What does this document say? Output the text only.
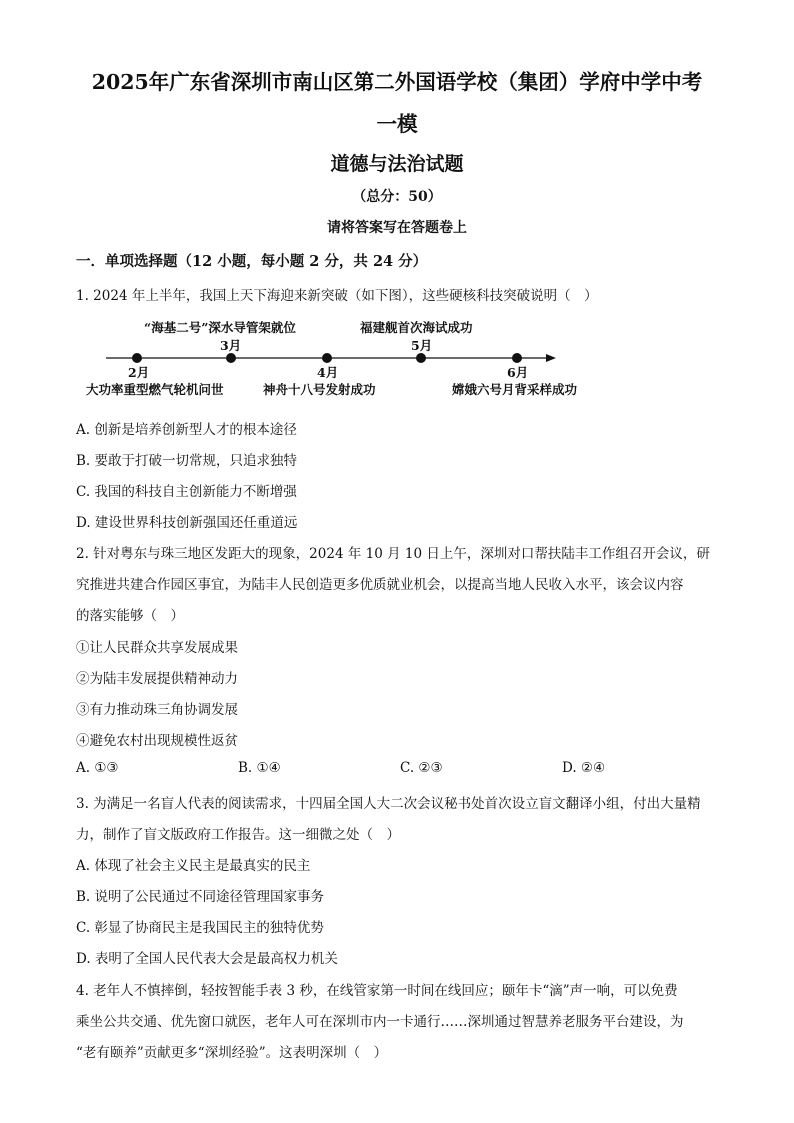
2025年广东省深圳市南山区第二外国语学校（集团）学府中学中考
一模
道德与法治试题
（总分：50）
请将答案写在答题卷上
一．单项选择题（12 小题，每小题 2 分，共 24 分）
1. 2024 年上半年，我国上天下海迎来新突破（如下图），这些硬核科技突破说明（　）
“海基二号”深水导管架就位	福建舰首次海试成功
3月	5月
2月	4月	6月
大功率重型燃气轮机问世	神舟十八号发射成功	嫦娥六号月背采样成功
A. 创新是培养创新型人才的根本途径
B. 要敢于打破一切常规，只追求独特
C. 我国的科技自主创新能力不断增强
D. 建设世界科技创新强国还任重道远
2. 针对粤东与珠三地区发距大的现象，2024 年 10 月 10 日上午，深圳对口帮扶陆丰工作组召开会议，研
究推进共建合作园区事宜，为陆丰人民创造更多优质就业机会，以提高当地人民收入水平，该会议内容
的落实能够（　）
①让人民群众共享发展成果
②为陆丰发展提供精神动力
③有力推动珠三角协调发展
④避免农村出现规模性返贫
A. ①③	B. ①④	C. ②③	D. ②④
3. 为满足一名盲人代表的阅读需求，十四届全国人大二次会议秘书处首次设立盲文翻译小组，付出大量精
力，制作了盲文版政府工作报告。这一细微之处（　）
A. 体现了社会主义民主是最真实的民主
B. 说明了公民通过不同途径管理国家事务
C. 彰显了协商民主是我国民主的独特优势
D. 表明了全国人民代表大会是最高权力机关
4. 老年人不慎摔倒，轻按智能手表 3 秒，在线管家第一时间在线回应；颐年卡“滴”声一响，可以免费
乘坐公共交通、优先窗口就医，老年人可在深圳市内一卡通行……深圳通过智慧养老服务平台建设，为
“老有颐养”贡献更多“深圳经验”。这表明深圳（　）
